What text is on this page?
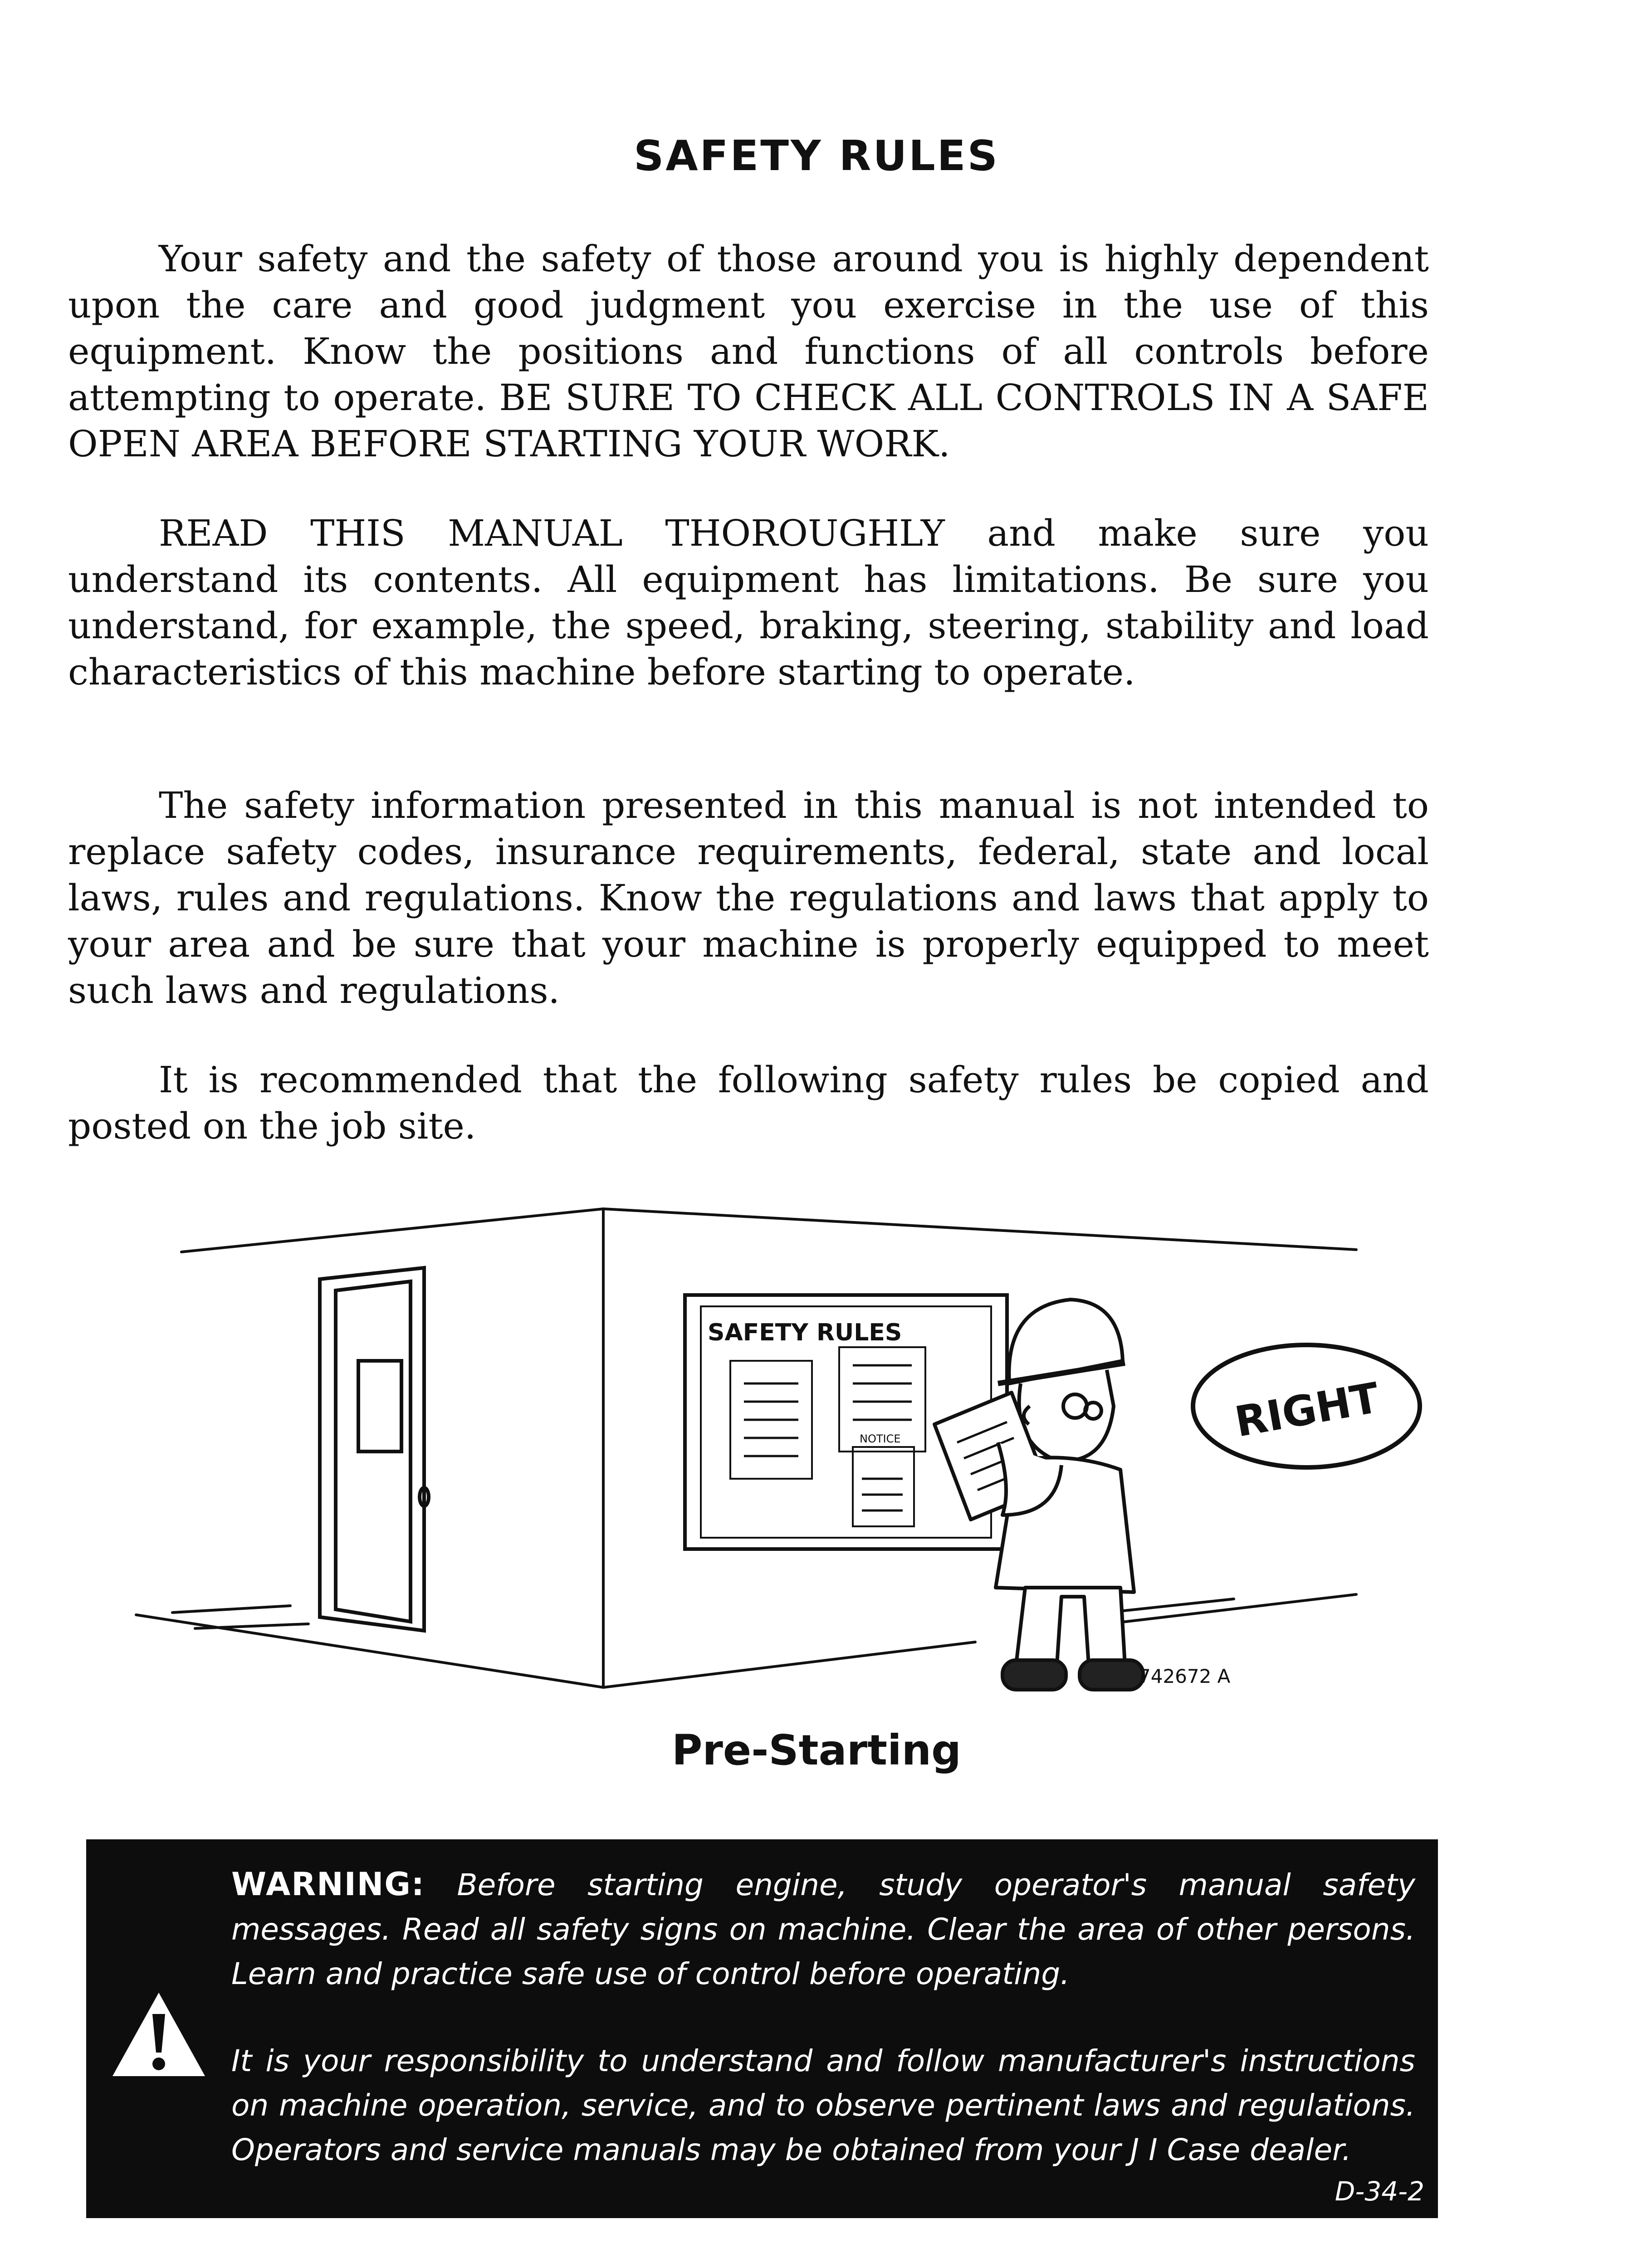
SAFETY RULES

Your safety and the safety of those around you is highly dependent upon the care and good judgment you exercise in the use of this equipment. Know the positions and functions of all controls before attempting to operate. BE SURE TO CHECK ALL CONTROLS IN A SAFE OPEN AREA BEFORE STARTING YOUR WORK.

READ THIS MANUAL THOROUGHLY and make sure you understand its contents. All equipment has limitations. Be sure you understand, for example, the speed, braking, steering, stability and load characteristics of this machine before starting to operate.

The safety information presented in this manual is not intended to replace safety codes, insurance requirements, federal, state and local laws, rules and regulations. Know the regulations and laws that apply to your area and be sure that your machine is properly equipped to meet such laws and regulations.

It is recommended that the following safety rules be copied and posted on the job site.

SAFETY RULES
NOTICE	RIGHT
742672 A
Pre-Starting

WARNING: Before starting engine, study operator's manual safety messages. Read all safety signs on machine. Clear the area of other persons. Learn and practice safe use of control before operating.

It is your responsibility to understand and follow manufacturer's instructions on machine operation, service, and to observe pertinent laws and regulations. Operators and service manuals may be obtained from your J I Case dealer.

D-34-2
